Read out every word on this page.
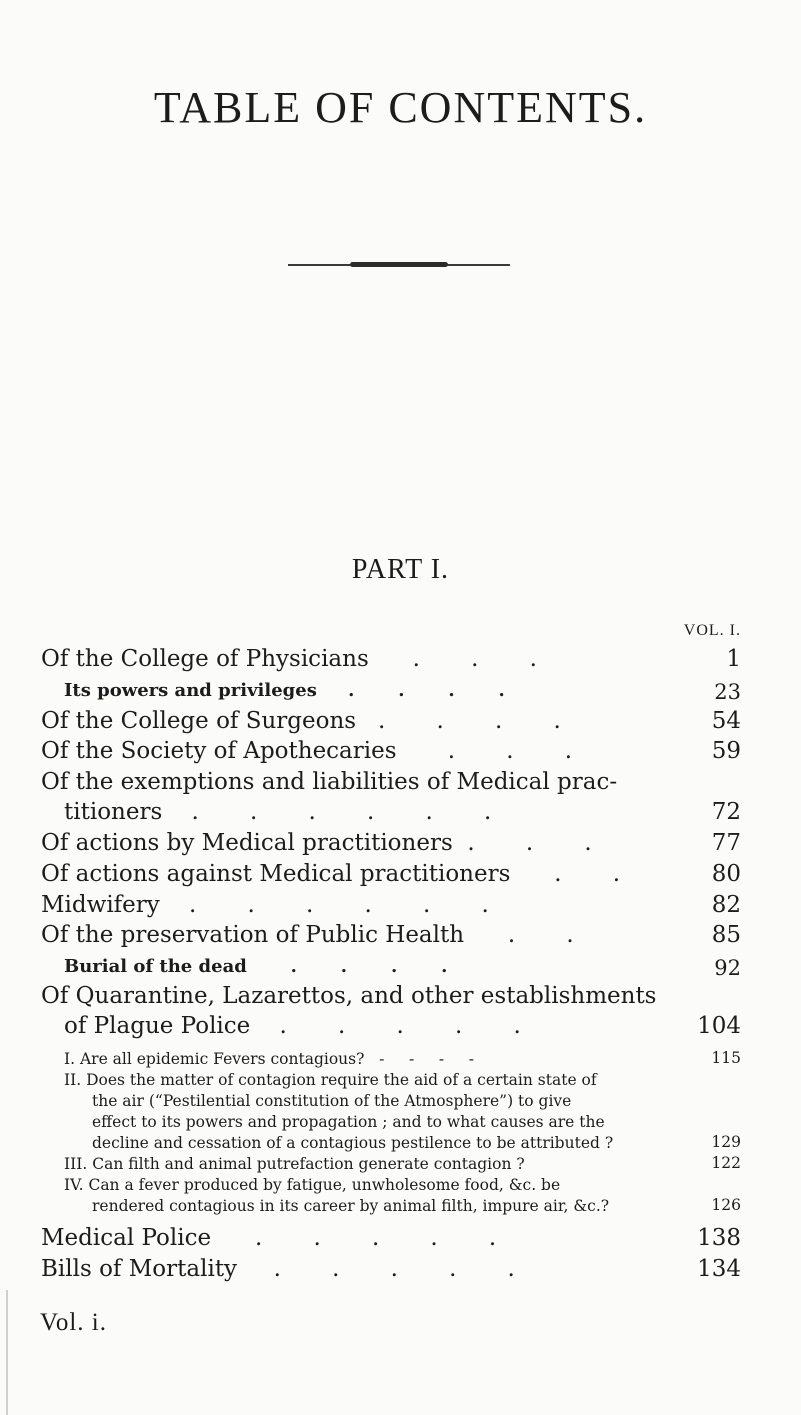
TABLE OF CONTENTS.
PART I.
VOL. I.
Of the College of Physicians      .       .       .	1
Its powers and privileges     .       .       .       .	23
Of the College of Surgeons   .       .       .       .	54
Of the Society of Apothecaries       .       .       .	59
Of the exemptions and liabilities of Medical prac-
titioners    .       .       .       .       .       .	72
Of actions by Medical practitioners  .       .       .	77
Of actions against Medical practitioners      .       .	80
Midwifery    .       .       .       .       .       .	82
Of the preservation of Public Health      .       .	85
Burial of the dead       .       .       .       .	92
Of Quarantine, Lazarettos, and other establishments
of Plague Police    .       .       .       .       .	104
I. Are all epidemic Fevers contagious?   -     -     -     -	115
II. Does the matter of contagion require the aid of a certain state of
the air (“Pestilential constitution of the Atmosphere”) to give
effect to its powers and propagation ; and to what causes are the
decline and cessation of a contagious pestilence to be attributed ?	129
III. Can filth and animal putrefaction generate contagion ?	122
IV. Can a fever produced by fatigue, unwholesome food, &c. be
rendered contagious in its career by animal filth, impure air, &c.?	126
Medical Police      .       .       .       .       .	138
Bills of Mortality     .       .       .       .       .	134
Vol. i.
